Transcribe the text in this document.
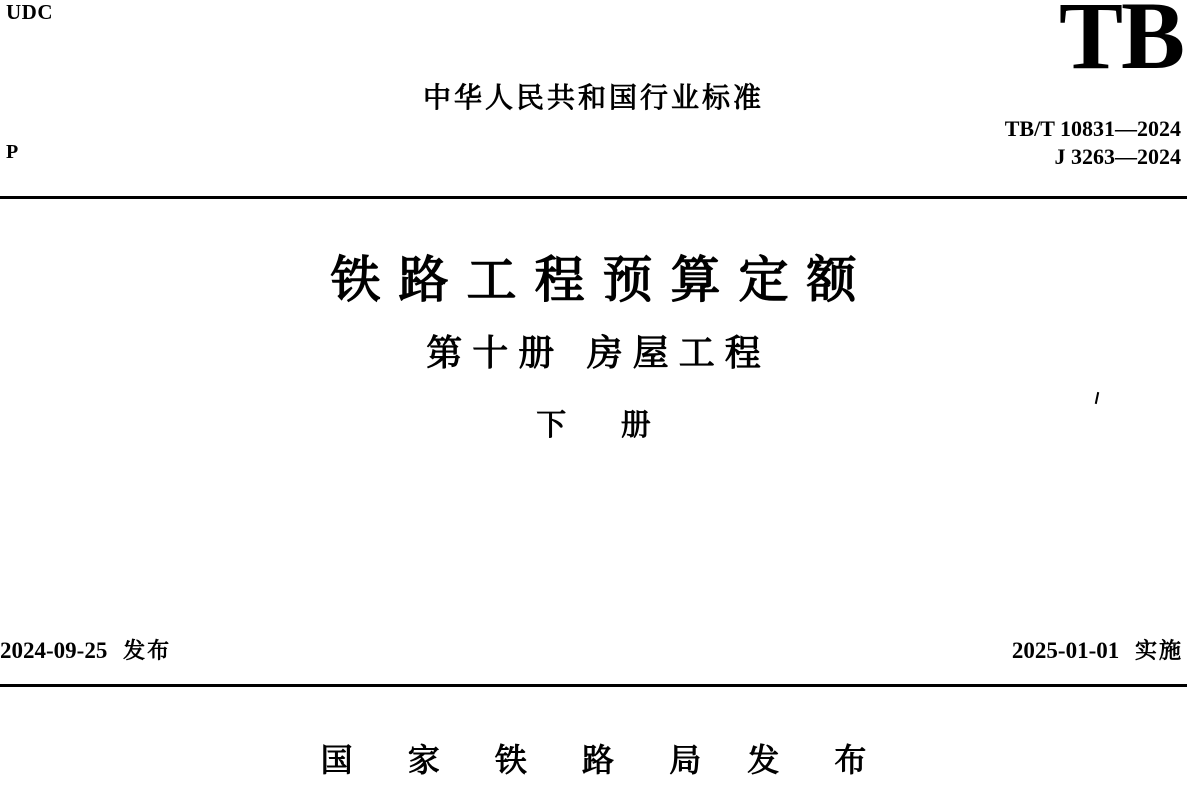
UDC
P
中华人民共和国行业标准
TB
TB/T 10831—2024
J 3263—2024
铁路工程预算定额
第十册 房屋工程
下 册
2024-09-25 发布	2025-01-01 实施
国 家 铁 路 局 发 布
